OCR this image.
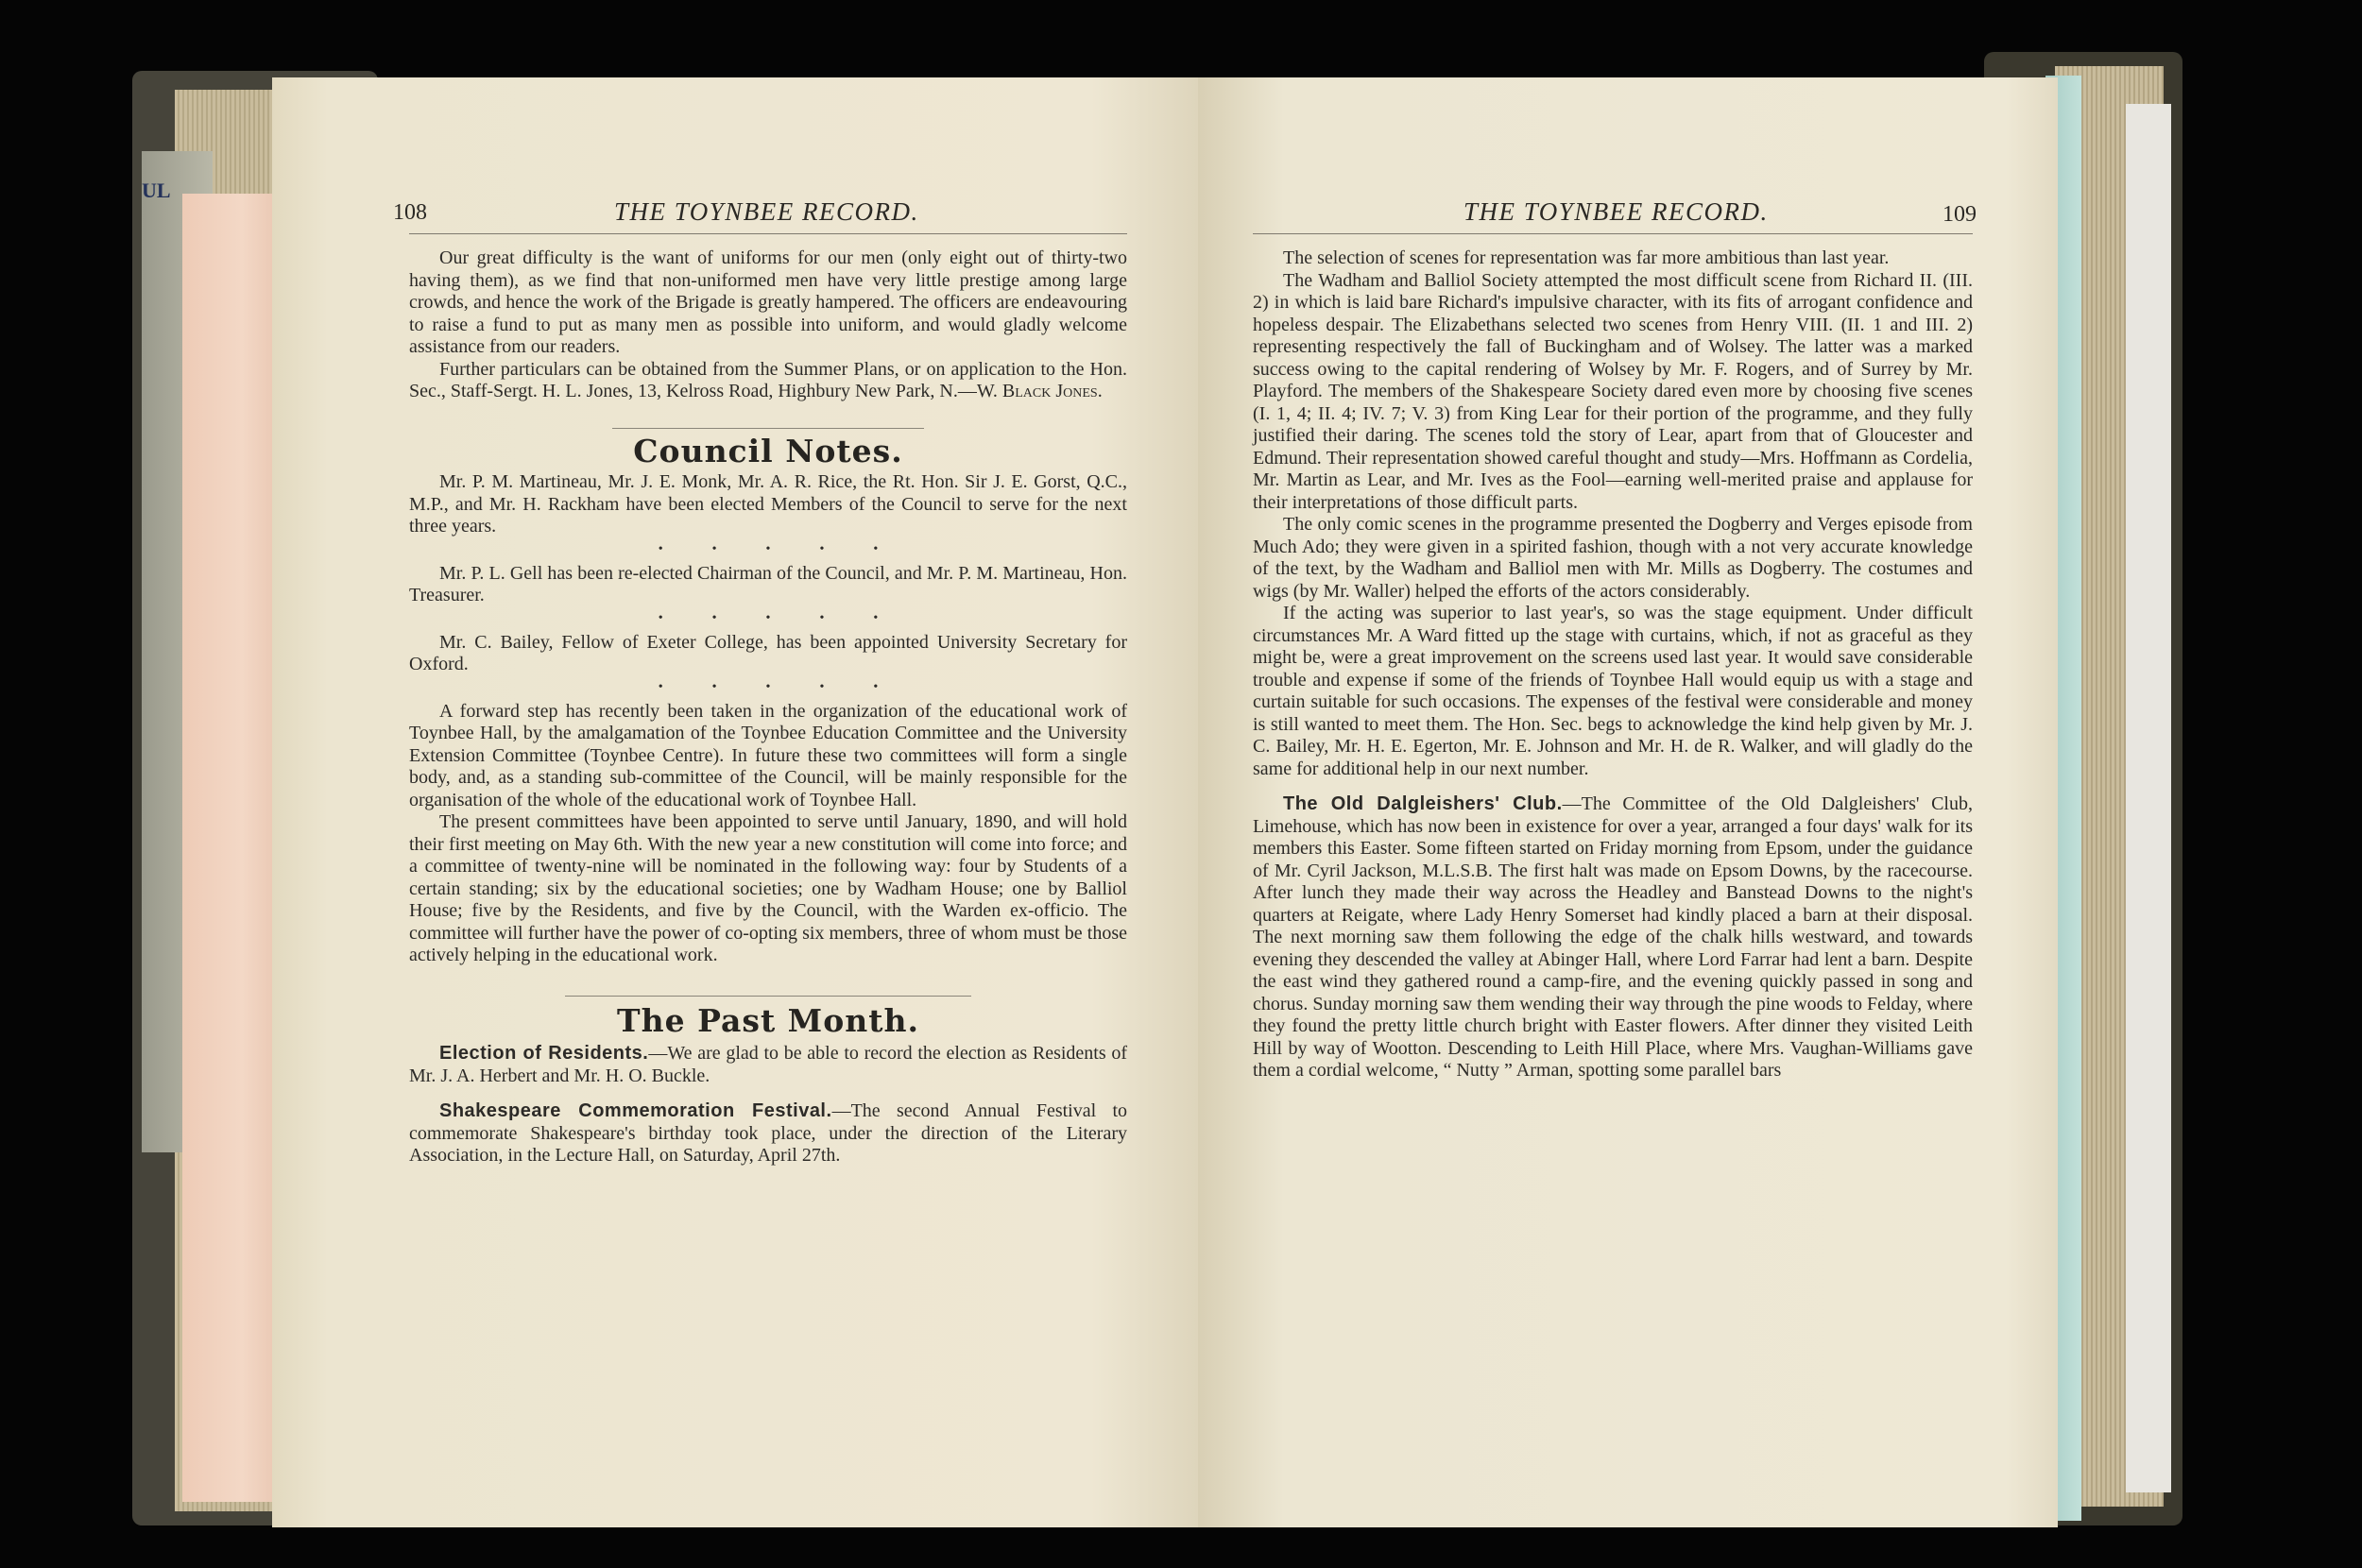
108	THE TOYNBEE RECORD.

Our great difficulty is the want of uniforms for our men (only eight out of thirty-two having them), as we find that non-uniformed men have very little prestige among large crowds, and hence the work of the Brigade is greatly hampered. The officers are endeavouring to raise a fund to put as many men as possible into uniform, and would gladly welcome assistance from our readers.

Further particulars can be obtained from the Summer Plans, or on application to the Hon. Sec., Staff-Sergt. H. L. Jones, 13, Kelross Road, Highbury New Park, N.—W. Black Jones.

Council Notes.

Mr. P. M. Martineau, Mr. J. E. Monk, Mr. A. R. Rice, the Rt. Hon. Sir J. E. Gorst, Q.C., M.P., and Mr. H. Rackham have been elected Members of the Council to serve for the next three years.

•••••

Mr. P. L. Gell has been re-elected Chairman of the Council, and Mr. P. M. Martineau, Hon. Treasurer.

•••••

Mr. C. Bailey, Fellow of Exeter College, has been appointed University Secretary for Oxford.

•••••

A forward step has recently been taken in the organization of the educational work of Toynbee Hall, by the amalgamation of the Toynbee Education Committee and the University Extension Committee (Toynbee Centre). In future these two committees will form a single body, and, as a standing sub-committee of the Council, will be mainly responsible for the organisation of the whole of the educational work of Toynbee Hall.

The present committees have been appointed to serve until January, 1890, and will hold their first meeting on May 6th. With the new year a new constitution will come into force; and a committee of twenty-nine will be nominated in the following way: four by Students of a certain standing; six by the educational societies; one by Wadham House; one by Balliol House; five by the Residents, and five by the Council, with the Warden ex-officio. The committee will further have the power of co-opting six members, three of whom must be those actively helping in the educational work.

The Past Month.

Election of Residents.—We are glad to be able to record the election as Residents of Mr. J. A. Herbert and Mr. H. O. Buckle.

Shakespeare Commemoration Festival.—The second Annual Festival to commemorate Shakespeare's birthday took place, under the direction of the Literary Association, in the Lecture Hall, on Saturday, April 27th.

THE TOYNBEE RECORD.	109

The selection of scenes for representation was far more ambitious than last year.

The Wadham and Balliol Society attempted the most difficult scene from Richard II. (III. 2) in which is laid bare Richard's impulsive character, with its fits of arrogant confidence and hopeless despair. The Elizabethans selected two scenes from Henry VIII. (II. 1 and III. 2) representing respectively the fall of Buckingham and of Wolsey. The latter was a marked success owing to the capital rendering of Wolsey by Mr. F. Rogers, and of Surrey by Mr. Playford. The members of the Shakespeare Society dared even more by choosing five scenes (I. 1, 4; II. 4; IV. 7; V. 3) from King Lear for their portion of the programme, and they fully justified their daring. The scenes told the story of Lear, apart from that of Gloucester and Edmund. Their representation showed careful thought and study—Mrs. Hoffmann as Cordelia, Mr. Martin as Lear, and Mr. Ives as the Fool—earning well-merited praise and applause for their interpretations of those difficult parts.

The only comic scenes in the programme presented the Dogberry and Verges episode from Much Ado; they were given in a spirited fashion, though with a not very accurate knowledge of the text, by the Wadham and Balliol men with Mr. Mills as Dogberry. The costumes and wigs (by Mr. Waller) helped the efforts of the actors considerably.

If the acting was superior to last year's, so was the stage equipment. Under difficult circumstances Mr. A Ward fitted up the stage with curtains, which, if not as graceful as they might be, were a great improvement on the screens used last year. It would save considerable trouble and expense if some of the friends of Toynbee Hall would equip us with a stage and curtain suitable for such occasions. The expenses of the festival were considerable and money is still wanted to meet them. The Hon. Sec. begs to acknowledge the kind help given by Mr. J. C. Bailey, Mr. H. E. Egerton, Mr. E. Johnson and Mr. H. de R. Walker, and will gladly do the same for additional help in our next number.

The Old Dalgleishers' Club.—The Committee of the Old Dalgleishers' Club, Limehouse, which has now been in existence for over a year, arranged a four days' walk for its members this Easter. Some fifteen started on Friday morning from Epsom, under the guidance of Mr. Cyril Jackson, M.L.S.B. The first halt was made on Epsom Downs, by the racecourse. After lunch they made their way across the Headley and Banstead Downs to the night's quarters at Reigate, where Lady Henry Somerset had kindly placed a barn at their disposal. The next morning saw them following the edge of the chalk hills westward, and towards evening they descended the valley at Abinger Hall, where Lord Farrar had lent a barn. Despite the east wind they gathered round a camp-fire, and the evening quickly passed in song and chorus. Sunday morning saw them wending their way through the pine woods to Felday, where they found the pretty little church bright with Easter flowers. After dinner they visited Leith Hill by way of Wootton. Descending to Leith Hill Place, where Mrs. Vaughan-Williams gave them a cordial welcome, “ Nutty ” Arman, spotting some parallel bars

UL
